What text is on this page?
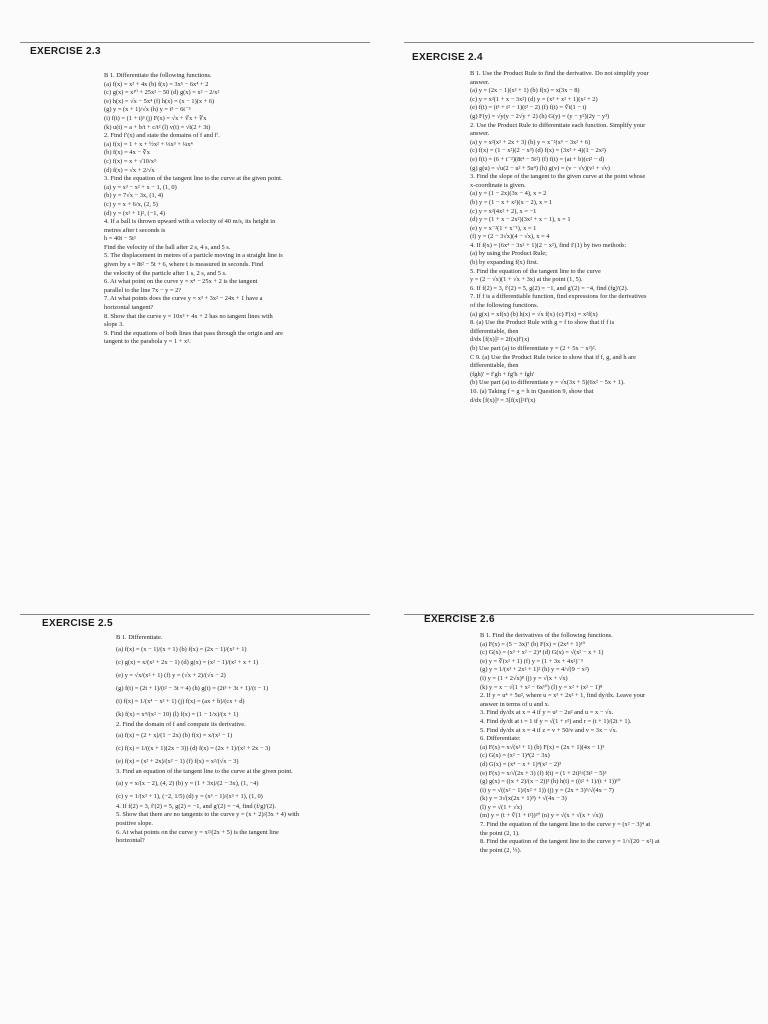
EXERCISE 2.3
B 1. Differentiate the following functions.
(a) f(x) = x² + 4x (b) f(x) = 3x⁵ − 6x⁴ + 2
(c) g(x) = x¹⁰ + 25x² − 50 (d) g(x) = x² − 2/x²
(e) h(x) = √x − 5x⁴ (f) h(x) = (x − 1)(x + 6)
(g) y = (x + 1)/√x (h) y = t³ − 6t⁻⁵
(i) f(t) = (1 + t)³ (j) F(x) = √x + ∛x + ∜x
(k) u(t) = a + b/t + c/t² (l) v(t) = √t(2 + 3t)
2. Find f′(x) and state the domains of f and f′.
(a) f(x) = 1 + x + ½x² + ⅓x³ + ¼x⁴
(b) f(x) = 4x − ∜x
(c) f(x) = x + √10/x³
(d) f(x) = √x + 2/√x
3. Find the equation of the tangent line to the curve at the given point.
(a) y = x³ − x² + x − 1, (1, 0)
(b) y = 7√x − 3x, (1, 4)
(c) y = x + 6/x, (2, 5)
(d) y = (x² + 1)², (−1, 4)
4. If a ball is thrown upward with a velocity of 40 m/s, its height in
metres after t seconds is
h = 40t − 5t²
Find the velocity of the ball after 2 s, 4 s, and 5 s.
5. The displacement in metres of a particle moving in a straight line is
given by s = 8t² − 5t + 6, where t is measured in seconds. Find
the velocity of the particle after 1 s, 2 s, and 5 s.
6. At what point on the curve y = x⁴ − 25x + 2 is the tangent
parallel to the line 7x − y = 2?
7. At what points does the curve y = x³ + 3x² − 24x + 1 have a
horizontal tangent?
8. Show that the curve y = 10x³ + 4x + 2 has no tangent lines with
slope 3.
9. Find the equations of both lines that pass through the origin and are
tangent to the parabola y = 1 + x².
EXERCISE 2.4
B 1. Use the Product Rule to find the derivative. Do not simplify your
answer.
(a) y = (2x − 1)(x² + 1) (b) f(x) = x(3x − 8)
(c) y = x²(1 + x − 3x²) (d) y = (x³ + x² + 1)(x² + 2)
(e) f(t) = (t³ + t² − 1)(t³ − 2) (f) f(t) = ∛t(1 − t)
(g) F(y) = √y(y − 2√y + 2) (h) G(y) = (y − y²)(2y − y³)
2. Use the Product Rule to differentiate each function. Simplify your
answer.
(a) y = x²(x² + 2x + 3) (b) y = x⁻²(x⁵ − 3x² + 6)
(c) f(x) = (1 − x²)(2 − x³) (d) f(x) = (3x³ + 4)(1 − 2x²)
(e) f(t) = (6 + t⁻²)(8t⁴ − 5t²) (f) f(t) = (at + b)(ct² − d)
(g) g(u) = √u(2 − u² + 5u⁴) (h) g(v) = (v − √v)(v² + √v)
3. Find the slope of the tangent to the given curve at the point whose
x-coordinate is given.
(a) y = (1 − 2x)(3x − 4), x = 2
(b) y = (1 − x + x²)(x − 2), x = 1
(c) y = x²(4x² + 2), x = −1
(d) y = (1 + x − 2x²)(3x² + x − 1), x = 1
(e) y = x⁻²(1 + x⁻¹), x = 1
(f) y = (2 − 3√x)(4 − √x), x = 4
4. If f(x) = (6x⁴ − 3x² + 1)(2 − x²), find f′(1) by two methods:
(a) by using the Product Rule;
(b) by expanding f(x) first.
5. Find the equation of the tangent line to the curve
y = (2 − √x)(1 + √x + 3x) at the point (1, 5).
6. If f(2) = 3, f′(2) = 5, g(2) = −1, and g′(2) = −4, find (fg)′(2).
7. If f is a differentiable function, find expressions for the derivatives
of the following functions.
(a) g(x) = xf(x) (b) h(x) = √x f(x) (c) F(x) = x²f(x)
8. (a) Use the Product Rule with g = f to show that if f is
differentiable, then
d/dx [f(x)]² = 2f(x)f′(x)
(b) Use part (a) to differentiate y = (2 + 5x − x²)².
C 9. (a) Use the Product Rule twice to show that if f, g, and h are
differentiable, then
(fgh)′ = f′gh + fg′h + fgh′
(b) Use part (a) to differentiate y = √x(3x + 5)(6x² − 5x + 1).
10. (a) Taking f = g = h in Question 9, show that
d/dx [f(x)]³ = 3[f(x)]²f′(x)
EXERCISE 2.5
B 1. Differentiate.
(a) f(x) = (x − 1)/(x + 1) (b) f(x) = (2x − 1)/(x² + 1)
(c) g(x) = x/(x² + 2x − 1) (d) g(x) = (x² − 1)/(x² + x + 1)
(e) y = √x/(x² + 1) (f) y = (√x + 2)/(√x − 2)
(g) f(t) = (2t + 1)/(t² − 3t + 4) (h) g(t) = (2t³ + 3t + 1)/(t − 1)
(i) f(x) = 1/(x⁴ − x² + 1) (j) f(x) = (ax + b)/(cx + d)
(k) f(x) = x⁴/(x² − 10) (l) f(x) = (1 − 1/x)/(x + 1)
2. Find the domain of f and compute its derivative.
(a) f(x) = (2 + x)/(1 − 2x) (b) f(x) = x/(x² − 1)
(c) f(x) = 1/((x + 1)(2x − 3)) (d) f(x) = (2x + 1)/(x² + 2x − 3)
(e) f(x) = (x² + 2x)/(x² − 1) (f) f(x) = x²/(√x − 3)
3. Find an equation of the tangent line to the curve at the given point.
(a) y = x/(x − 2), (4, 2) (b) y = (1 + 3x)/(2 − 3x), (1, −4)
(c) y = 1/(x² + 1), (−2, 1/5) (d) y = (x³ − 1)/(x³ + 1), (1, 0)
4. If f(2) = 3, f′(2) = 5, g(2) = −1, and g′(2) = −4, find (f/g)′(2).
5. Show that there are no tangents to the curve y = (x + 2)/(3x + 4) with
positive slope.
6. At what points on the curve y = x²/(2x + 5) is the tangent line
horizontal?
EXERCISE 2.6
B 1. Find the derivatives of the following functions.
(a) F(x) = (5 − 3x)⁷ (b) F(x) = (2x⁴ + 1)¹⁰
(c) G(x) = (x³ + x² − 2)⁴ (d) G(x) = √(x² − x + 1)
(e) y = ∜(x² + 1) (f) y = (1 + 3x + 4x²)⁻³
(g) y = 1/(x³ + 2x² + 1)² (h) y = 4/√(9 − x²)
(i) y = (1 + 2√x)⁸ (j) y = √(x + √x)
(k) y = x − √(1 + x² − 6x¹⁰) (l) y = x² + (x² − 1)⁸
2. If y = u⁴ + 5u², where u = x³ + 2x² + 1, find dy/dx. Leave your
answer in terms of u and x.
3. Find dy/dx at x = 4 if y = u³ − 2u² and u = x − √x.
4. Find dy/dt at t = 1 if y = √(1 + r²) and r = (t + 1)/(2t + 1).
5. Find dy/dx at x = 4 if z = v + 50/v and v = 3x − √x.
6. Differentiate:
(a) F(x) = x√(x² + 1) (b) F(x) = (2x + 1)(4x − 1)⁵
(c) G(x) = (x² − 1)⁴(2 − 3x)
(d) G(x) = (x⁴ − x + 1)⁴(x² − 2)³
(e) F(x) = x/√(2x + 3) (f) f(t) = (1 + 2t)⁵/(3t² − 5)³
(g) g(x) = ((x + 2)/(x − 2))³ (h) h(t) = ((t² + 1)/(t + 1))¹⁰
(i) y = √((x² − 1)/(x² + 1)) (j) y = (2x + 3)⁵/√(4x − 7)
(k) y = 3√(x(2x + 1)³) + √(4x − 3)
(l) y = √(1 + √x)
(m) y = (t + ∛(1 + t²))²⁰ (n) y = √(x + √(x + √x))
7. Find the equation of the tangent line to the curve y = (x² − 3)⁴ at
the point (2, 1).
8. Find the equation of the tangent line to the curve y = 1/√(20 − x²) at
the point (2, ½).
